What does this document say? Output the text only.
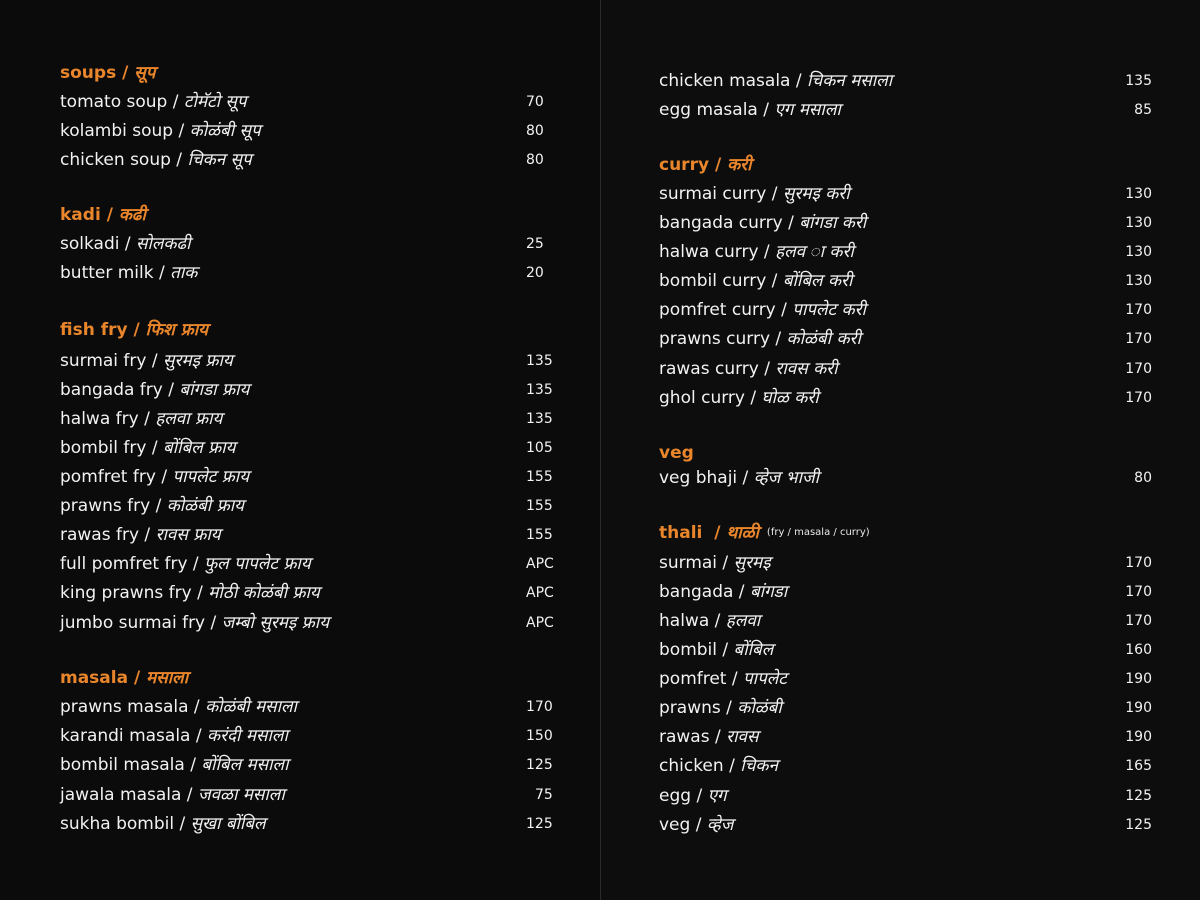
soups / सूप
tomato soup / टोमॅटो सूप	70
kolambi soup / कोळंबी सूप	80
chicken soup / चिकन सूप	80
kadi / कढी
solkadi / सोलकढी	25
butter milk / ताक	20
fish fry / फिश फ्राय
surmai fry / सुरमइ फ्राय	135
bangada fry / बांगडा फ्राय	135
halwa fry / हलवा फ्राय	135
bombil fry / बोंबिल फ्राय	105
pomfret fry / पापलेट फ्राय	155
prawns fry / कोळंबी फ्राय	155
rawas fry / रावस फ्राय	155
full pomfret fry / फुल पापलेट फ्राय	APC
king prawns fry / मोठी कोळंबी फ्राय	APC
jumbo surmai fry / जम्बो सुरमइ फ्राय	APC
masala / मसाला
prawns masala / कोळंबी मसाला	170
karandi masala / करंदी मसाला	150
bombil masala / बोंबिल मसाला	125
jawala masala / जवळा मसाला	75
sukha bombil / सुखा बोंबिल	125
chicken masala / चिकन मसाला	135
egg masala / एग मसाला	85
curry / करी
surmai curry / सुरमइ करी	130
bangada curry / बांगडा करी	130
halwa curry / हलव ा करी	130
bombil curry / बोंबिल करी	130
pomfret curry / पापलेट करी	170
prawns curry / कोळंबी करी	170
rawas curry / रावस करी	170
ghol curry / घोळ करी	170
veg
veg bhaji / व्हेज भाजी	80
thali  / थाळी (fry / masala / curry)
surmai / सुरमइ	170
bangada / बांगडा	170
halwa / हलवा	170
bombil / बोंबिल	160
pomfret / पापलेट	190
prawns / कोळंबी	190
rawas / रावस	190
chicken / चिकन	165
egg / एग	125
veg / व्हेज	125
